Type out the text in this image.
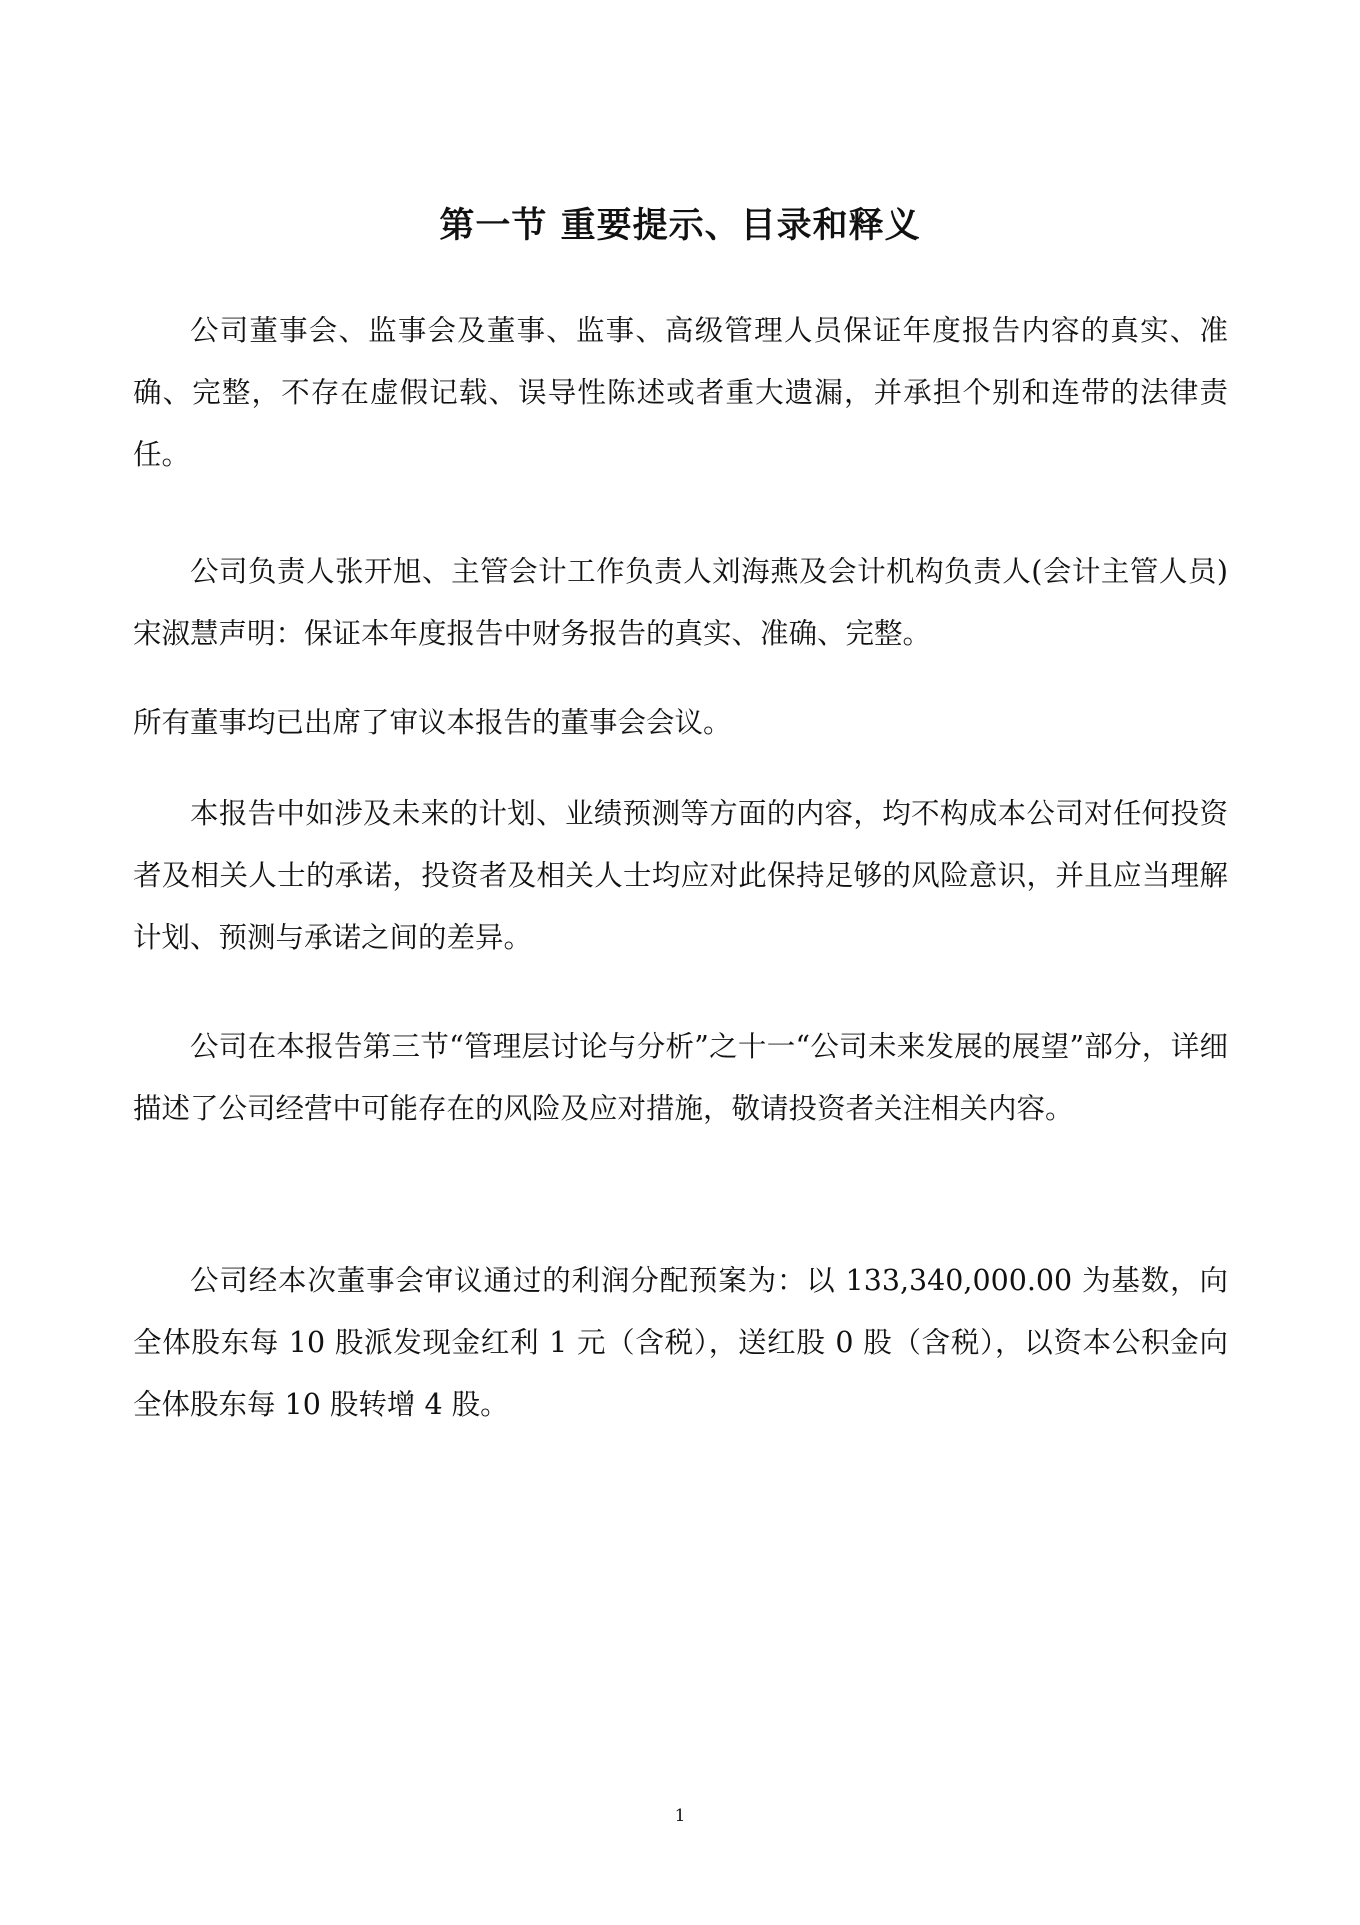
第一节 重要提示、目录和释义

公司董事会、监事会及董事、监事、高级管理人员保证年度报告内容的真实、准确、完整，不存在虚假记载、误导性陈述或者重大遗漏，并承担个别和连带的法律责任。

公司负责人张开旭、主管会计工作负责人刘海燕及会计机构负责人(会计主管人员)宋淑慧声明：保证本年度报告中财务报告的真实、准确、完整。

所有董事均已出席了审议本报告的董事会会议。

本报告中如涉及未来的计划、业绩预测等方面的内容，均不构成本公司对任何投资者及相关人士的承诺，投资者及相关人士均应对此保持足够的风险意识，并且应当理解计划、预测与承诺之间的差异。

公司在本报告第三节“管理层讨论与分析”之十一“公司未来发展的展望”部分，详细描述了公司经营中可能存在的风险及应对措施，敬请投资者关注相关内容。

公司经本次董事会审议通过的利润分配预案为：以 133,340,000.00 为基数，向全体股东每 10 股派发现金红利 1 元（含税），送红股 0 股（含税），以资本公积金向全体股东每 10 股转增 4 股。

1
